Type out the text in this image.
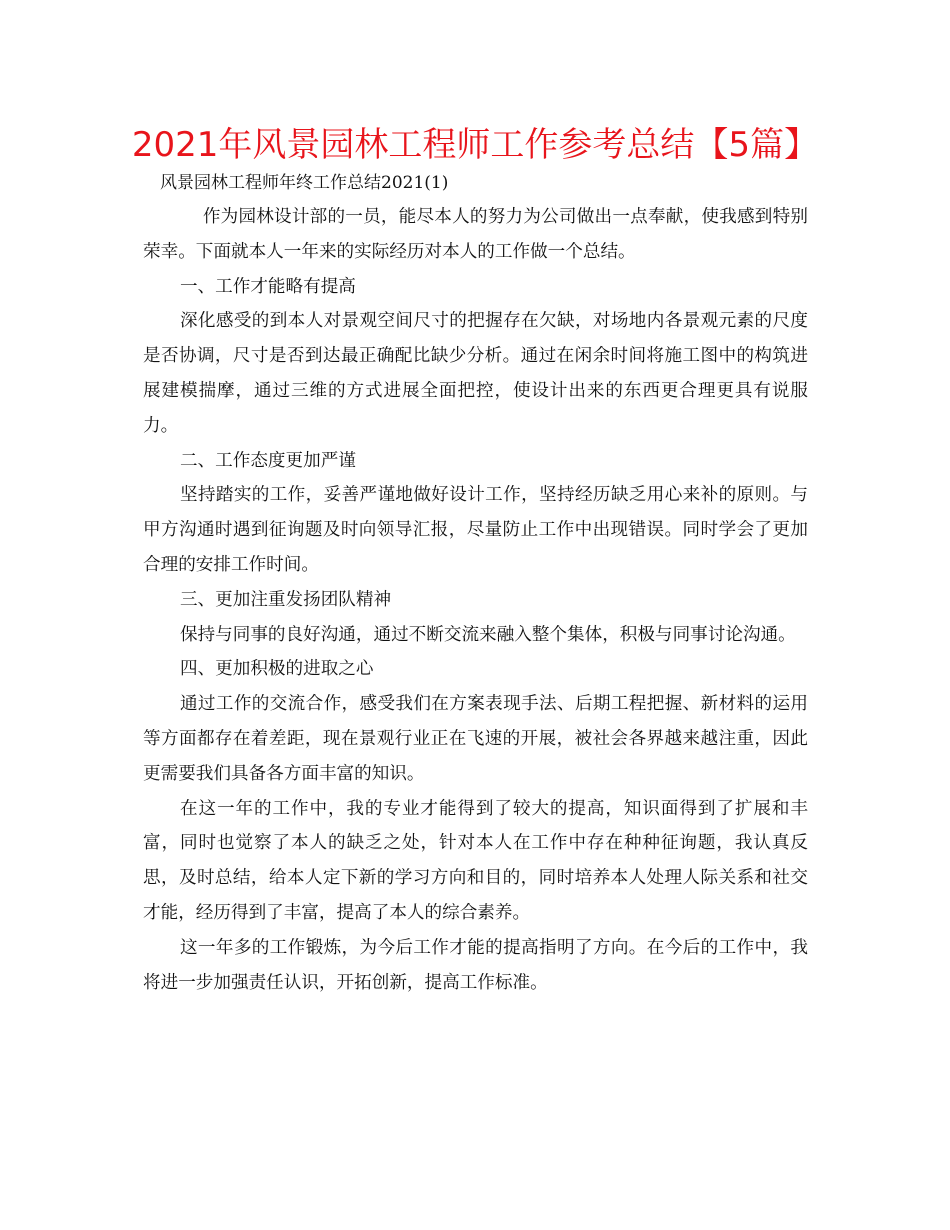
2021年风景园林工程师工作参考总结【5篇】
风景园林工程师年终工作总结2021(1)

作为园林设计部的一员，能尽本人的努力为公司做出一点奉献，使我感到特别荣幸。下面就本人一年来的实际经历对本人的工作做一个总结。

一、工作才能略有提高

深化感受的到本人对景观空间尺寸的把握存在欠缺，对场地内各景观元素的尺度是否协调，尺寸是否到达最正确配比缺少分析。通过在闲余时间将施工图中的构筑进展建模揣摩，通过三维的方式进展全面把控，使设计出来的东西更合理更具有说服力。

二、工作态度更加严谨

坚持踏实的工作，妥善严谨地做好设计工作，坚持经历缺乏用心来补的原则。与甲方沟通时遇到征询题及时向领导汇报，尽量防止工作中出现错误。同时学会了更加合理的安排工作时间。

三、更加注重发扬团队精神

保持与同事的良好沟通，通过不断交流来融入整个集体，积极与同事讨论沟通。

四、更加积极的进取之心

通过工作的交流合作，感受我们在方案表现手法、后期工程把握、新材料的运用等方面都存在着差距，现在景观行业正在飞速的开展，被社会各界越来越注重，因此更需要我们具备各方面丰富的知识。

在这一年的工作中，我的专业才能得到了较大的提高，知识面得到了扩展和丰富，同时也觉察了本人的缺乏之处，针对本人在工作中存在种种征询题，我认真反思，及时总结，给本人定下新的学习方向和目的，同时培养本人处理人际关系和社交才能，经历得到了丰富，提高了本人的综合素养。

这一年多的工作锻炼，为今后工作才能的提高指明了方向。在今后的工作中，我将进一步加强责任认识，开拓创新，提高工作标准。
